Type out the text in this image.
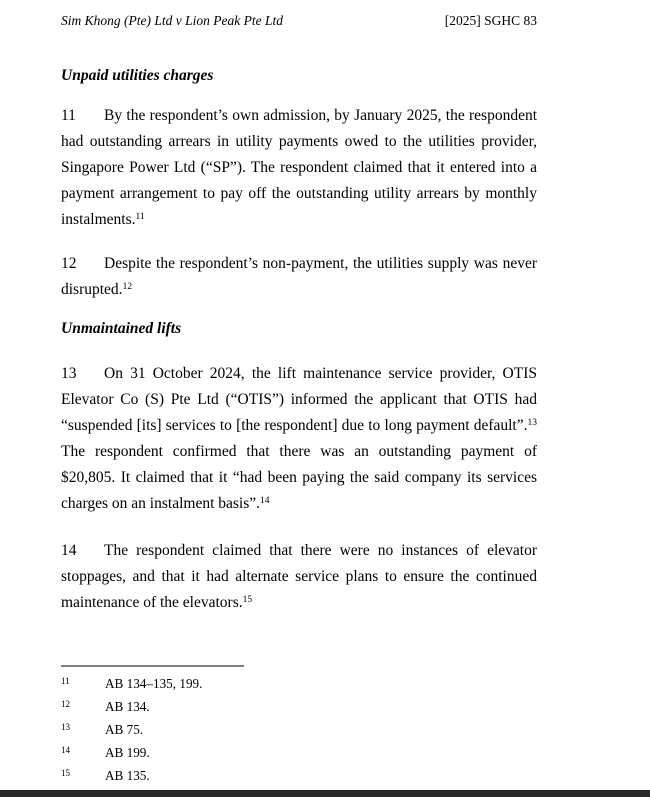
Sim Khong (Pte) Ltd v Lion Peak Pte Ltd	[2025] SGHC 83
Unpaid utilities charges

11 By the respondent’s own admission, by January 2025, the respondent had outstanding arrears in utility payments owed to the utilities provider, Singapore Power Ltd (“SP”). The respondent claimed that it entered into a payment arrangement to pay off the outstanding utility arrears by monthly instalments.$^{11}$

12 Despite the respondent’s non-payment, the utilities supply was never disrupted.$^{12}$

Unmaintained lifts

13 On 31 October 2024, the lift maintenance service provider, OTIS Elevator Co (S) Pte Ltd (“OTIS”) informed the applicant that OTIS had “suspended [its] services to [the respondent] due to long payment default”.$^{13}$ The respondent confirmed that there was an outstanding payment of $20,805. It claimed that it “had been paying the said company its services charges on an instalment basis”.$^{14}$

14 The respondent claimed that there were no instances of elevator stoppages, and that it had alternate service plans to ensure the continued maintenance of the elevators.$^{15}$

11	AB 134–135, 199.
12	AB 134.
13	AB 75.
14	AB 199.
15	AB 135.
